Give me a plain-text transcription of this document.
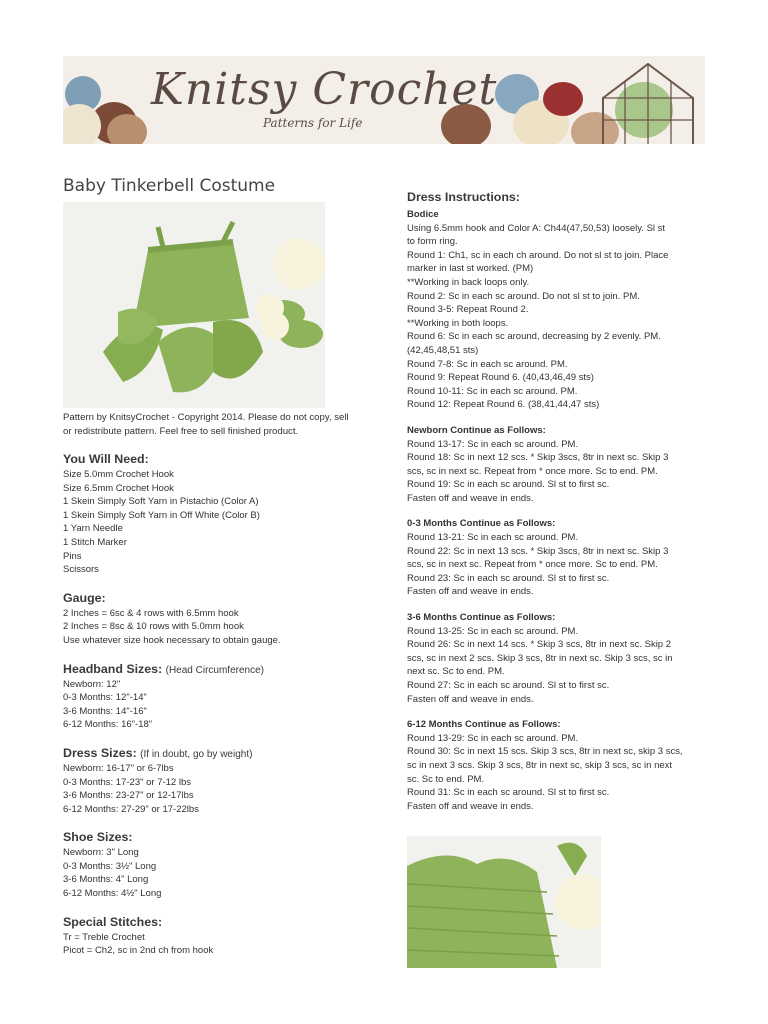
Knitsy Crochet
Patterns for Life
Baby Tinkerbell Costume
Pattern by KnitsyCrochet - Copyright 2014. Please do not copy, sell or redistribute pattern. Feel free to sell finished product.
You Will Need:
Size 5.0mm Crochet Hook
Size 6.5mm Crochet Hook
1 Skein Simply Soft Yarn in Pistachio (Color A)
1 Skein Simply Soft Yarn in Off White (Color B)
1 Yarn Needle
1 Stitch Marker
Pins
Scissors
Gauge:
2 Inches = 6sc & 4 rows with 6.5mm hook
2 Inches = 8sc & 10 rows with 5.0mm hook
Use whatever size hook necessary to obtain gauge.
Headband Sizes: (Head Circumference)
Newborn: 12"
0-3 Months: 12"-14"
3-6 Months: 14"-16"
6-12 Months: 16"-18"
Dress Sizes: (If in doubt, go by weight)
Newborn: 16-17" or 6-7lbs
0-3 Months: 17-23" or 7-12 lbs
3-6 Months: 23-27" or 12-17lbs
6-12 Months: 27-29" or 17-22lbs
Shoe Sizes:
Newborn: 3" Long
0-3 Months: 3½" Long
3-6 Months: 4" Long
6-12 Months: 4½" Long
Special Stitches:
Tr = Treble Crochet
Picot = Ch2, sc in 2nd ch from hook
Dress Instructions:
Bodice
Using 6.5mm hook and Color A: Ch44(47,50,53) loosely. Sl st
to form ring.
Round 1: Ch1, sc in each ch around. Do not sl st to join. Place
marker in last st worked. (PM)
**Working in back loops only.
Round 2: Sc in each sc around. Do not sl st to join. PM.
Round 3-5: Repeat Round 2.
**Working in both loops.
Round 6: Sc in each sc around, decreasing by 2 evenly. PM.
(42,45,48,51 sts)
Round 7-8: Sc in each sc around. PM.
Round 9: Repeat Round 6. (40,43,46,49 sts)
Round 10-11: Sc in each sc around. PM.
Round 12: Repeat Round 6. (38,41,44,47 sts)
Newborn Continue as Follows:
Round 13-17: Sc in each sc around. PM.
Round 18: Sc in next 12 scs. * Skip 3scs, 8tr in next sc. Skip 3
scs, sc in next sc. Repeat from * once more. Sc to end. PM.
Round 19: Sc in each sc around. Sl st to first sc.
Fasten off and weave in ends.
0-3 Months Continue as Follows:
Round 13-21: Sc in each sc around. PM.
Round 22: Sc in next 13 scs. * Skip 3scs, 8tr in next sc. Skip 3
scs, sc in next sc. Repeat from * once more. Sc to end. PM.
Round 23: Sc in each sc around. Sl st to first sc.
Fasten off and weave in ends.
3-6 Months Continue as Follows:
Round 13-25: Sc in each sc around. PM.
Round 26: Sc in next 14 scs. * Skip 3 scs, 8tr in next sc. Skip 2
scs, sc in next 2 scs. Skip 3 scs, 8tr in next sc. Skip 3 scs, sc in
next sc. Sc to end. PM.
Round 27: Sc in each sc around. Sl st to first sc.
Fasten off and weave in ends.
6-12 Months Continue as Follows:
Round 13-29: Sc in each sc around. PM.
Round 30: Sc in next 15 scs. Skip 3 scs, 8tr in next sc, skip 3 scs,
sc in next 3 scs. Skip 3 scs, 8tr in next sc, skip 3 scs, sc in next
sc. Sc to end. PM.
Round 31: Sc in each sc around. Sl st to first sc.
Fasten off and weave in ends.
